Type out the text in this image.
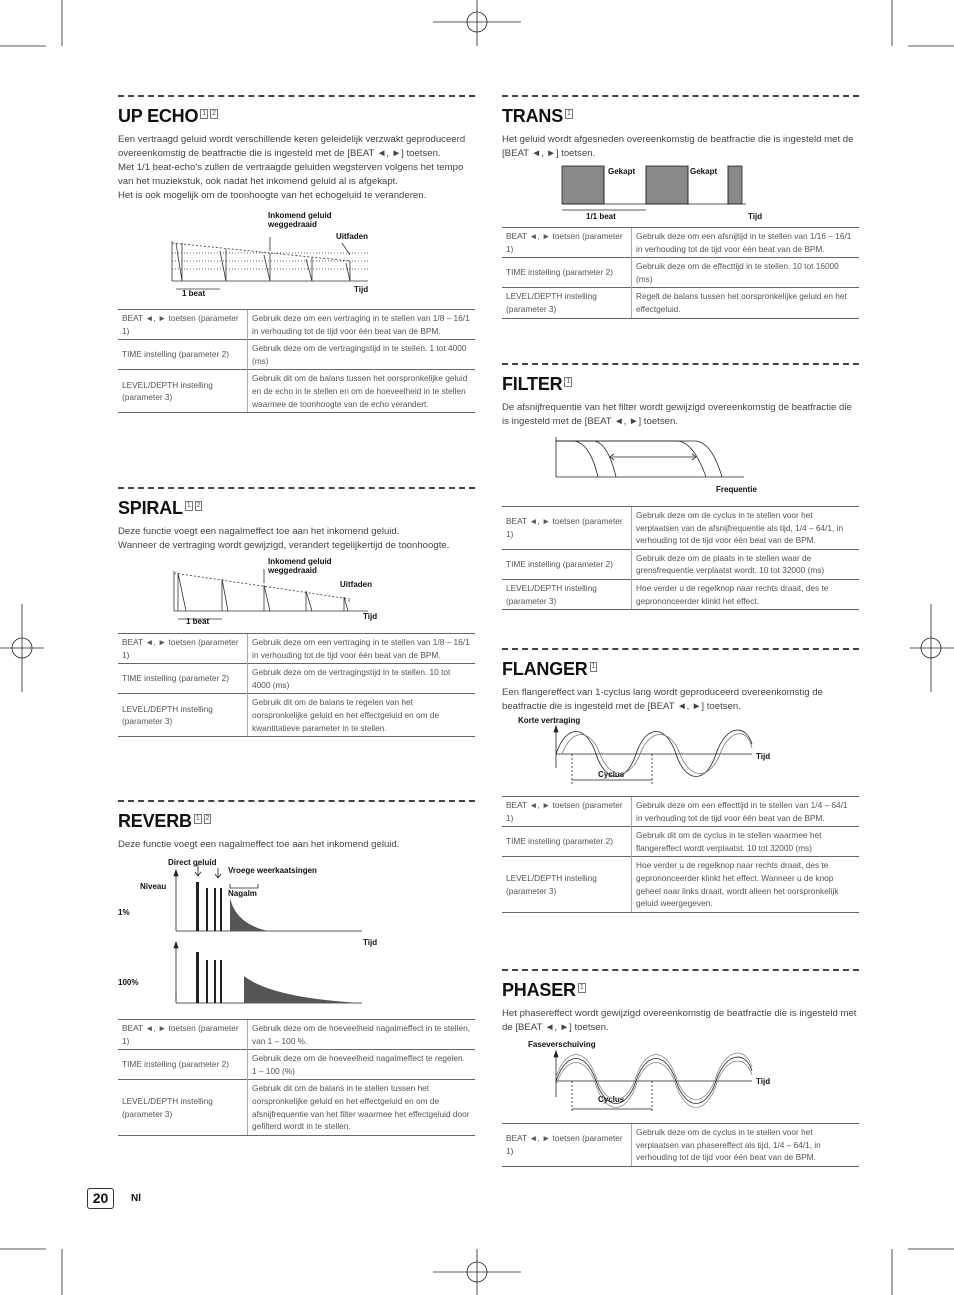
UP ECHO 1 2

Een vertraagd geluid wordt verschillende keren geleidelijk verzwakt geproduceerd overeenkomstig de beatfractie die is ingesteld met de [BEAT ◄, ►] toetsen.
Met 1/1 beat-echo's zullen de vertraagde geluiden wegsterven volgens het tempo van het muziekstuk, ook nadat het inkomend geluid al is afgekapt.
Het is ook mogelijk om de toonhoogte van het echogeluid te veranderen.

Inkomend geluid weggedraaid
Uitfaden
1 beat	Tijd
BEAT ◄, ► toetsen (parameter 1)	Gebruik deze om een vertraging in te stellen van 1/8 – 16/1 in verhouding tot de tijd voor één beat van de BPM.
TIME instelling (parameter 2)	Gebruik deze om de vertragingstijd in te stellen. 1 tot 4000 (ms)
LEVEL/DEPTH instelling (parameter 3)	Gebruik dit om de balans tussen het oorspronkelijke geluid en de echo in te stellen en om de hoeveelheid in te stellen waarmee de toonhoogte van de echo verandert.
SPIRAL 1 2

Deze functie voegt een nagalmeffect toe aan het inkomend geluid.
Wanneer de vertraging wordt gewijzigd, verandert tegelijkertijd de toonhoogte.

Inkomend geluid weggedraaid
Uitfaden
1 beat
Tijd
BEAT ◄, ► toetsen (parameter 1)	Gebruik deze om een vertraging in te stellen van 1/8 – 16/1 in verhouding tot de tijd voor één beat van de BPM.
TIME instelling (parameter 2)	Gebruik deze om de vertragingstijd in te stellen. 10 tot 4000 (ms)
LEVEL/DEPTH instelling (parameter 3)	Gebruik dit om de balans te regelen van het oorspronkelijke geluid en het effectgeluid en om de kwantitatieve parameter in te stellen.
REVERB 1 2

Deze functie voegt een nagalmeffect toe aan het inkomend geluid.

Direct geluid
Vroege weerkaatsingen
Niveau
Nagalm
1%
Tijd
100%
BEAT ◄, ► toetsen (parameter 1)	Gebruik deze om de hoeveelheid nagalmeffect in te stellen, van 1 – 100 %.
TIME instelling (parameter 2)	Gebruik deze om de hoeveelheid nagalmeffect te regelen. 1 – 100 (%)
LEVEL/DEPTH instelling (parameter 3)	Gebruik dit om de balans in te stellen tussen het oorspronkelijke geluid en het effectgeluid en om de afsnijfrequentie van het filter waarmee het effectgeluid door gefilterd wordt in te stellen.
TRANS 1

Het geluid wordt afgesneden overeenkomstig de beatfractie die is ingesteld met de [BEAT ◄, ►] toetsen.

Gekapt	Gekapt
1/1 beat	Tijd
BEAT ◄, ► toetsen (parameter 1)	Gebruik deze om een afsnijtijd in te stellen van 1/16 – 16/1 in verhouding tot de tijd voor één beat van de BPM.
TIME instelling (parameter 2)	Gebruik deze om de effecttijd in te stellen. 10 tot 16000 (ms)
LEVEL/DEPTH instelling (parameter 3)	Regelt de balans tussen het oorspronkelijke geluid en het effectgeluid.
FILTER 1

De afsnijfrequentie van het filter wordt gewijzigd overeenkomstig de beatfractie die is ingesteld met de [BEAT ◄, ►] toetsen.

Frequentie
BEAT ◄, ► toetsen (parameter 1)	Gebruik deze om de cyclus in te stellen voor het verplaatsen van de afsnijfrequentie als tijd, 1/4 – 64/1, in verhouding tot de tijd voor één beat van de BPM.
TIME instelling (parameter 2)	Gebruik deze om de plaats in te stellen waar de grensfrequentie verplaatst wordt. 10 tot 32000 (ms)
LEVEL/DEPTH instelling (parameter 3)	Hoe verder u de regelknop naar rechts draait, des te geprononceerder klinkt het effect.
FLANGER 1

Een flangereffect van 1-cyclus lang wordt geproduceerd overeenkomstig de beatfractie die is ingesteld met de [BEAT ◄, ►] toetsen.

Korte vertraging
Cyclus
Tijd
BEAT ◄, ► toetsen (parameter 1)	Gebruik deze om een effecttijd in te stellen van 1/4 – 64/1 in verhouding tot de tijd voor één beat van de BPM.
TIME instelling (parameter 2)	Gebruik dit om de cyclus in te stellen waarmee het flangereffect wordt verplaatst. 10 tot 32000 (ms)
LEVEL/DEPTH instelling (parameter 3)	Hoe verder u de regelknop naar rechts draait, des te geprononceerder klinkt het effect. Wanneer u de knop geheel naar links draait, wordt alleen het oorspronkelijk geluid weergegeven.
PHASER 1

Het phasereffect wordt gewijzigd overeenkomstig de beatfractie die is ingesteld met de [BEAT ◄, ►] toetsen.

Faseverschuiving
Cyclus
Tijd
BEAT ◄, ► toetsen (parameter 1)	Gebruik deze om de cyclus in te stellen voor het verplaatsen van phasereffect als tijd, 1/4 – 64/1, in verhouding tot de tijd voor één beat van de BPM.
20	Nl
